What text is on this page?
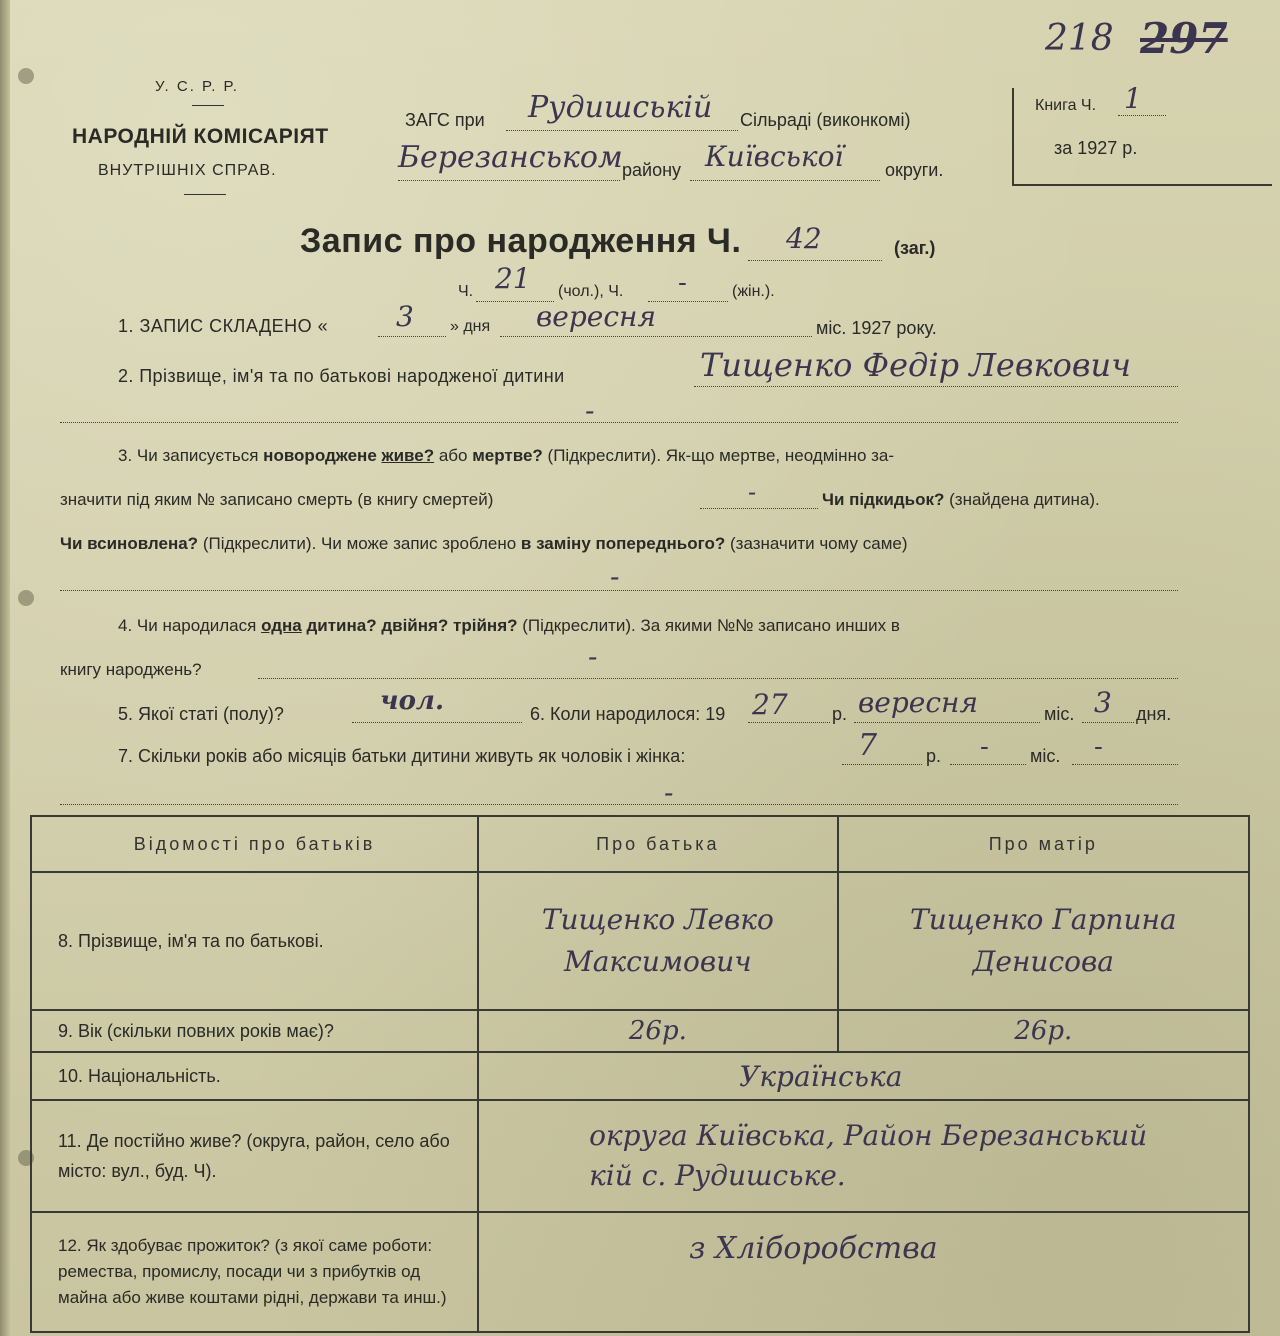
218 297
У. С. Р. Р.
НАРОДНІЙ КОМІСАРІЯТ
ВНУТРІШНІХ СПРАВ.
ЗАГС при Рудишській Сільраді (виконкомі)
Березанськом району Київської округи.
Книга Ч. 1
за 1927 р.
Запис про народження Ч. 42	(заг.)
Ч. 21 (чол.), Ч. -	(жін.).
1. ЗАПИС СКЛАДЕНО « 3 » дня вересня	міс. 1927 року.
2. Прізвище, ім'я та по батькові народженої дитини	Тищенко Федір Левкович
-
3. Чи записується новороджене живе? або мертве? (Підкреслити). Як-що мертве, неодмінно за-
значити під яким № записано смерть (в книгу смертей)	-	Чи підкидьок? (знайдена дитина).
Чи всиновлена? (Підкреслити). Чи може запис зроблено в заміну попереднього? (зазначити чому саме)
-
4. Чи народилася одна дитина? двійня? трійня? (Підкреслити). За якими №№ записано инших в
книгу народжень?	-
5. Якої статі (полу)?	чол.	6. Коли народилося: 19 27 р. вересня	міс. 3 дня.
7. Скільки років або місяців батьки дитини живуть як чоловік і жінка:	7	р. - міс. -
-
Відомості про батьків	Про батька	Про матір
8. Прізвище, ім'я та по батькові.	Тищенко Левко Максимович	Тищенко Гарпина Денисова

9. Вік (скільки повних років має)?	26р.	26р.
10. Національність.	Українська	
11. Де постійно живе? (округа, район, село або місто: вул., буд. Ч).	округа Київська, Район Березанський
кій с. Рудишське.	

12. Як здобуває прожиток? (з якої саме роботи: ремества, промислу, посади чи з прибутків од майна або живе коштами рідні, держави та инш.)	з Хліборобства	
